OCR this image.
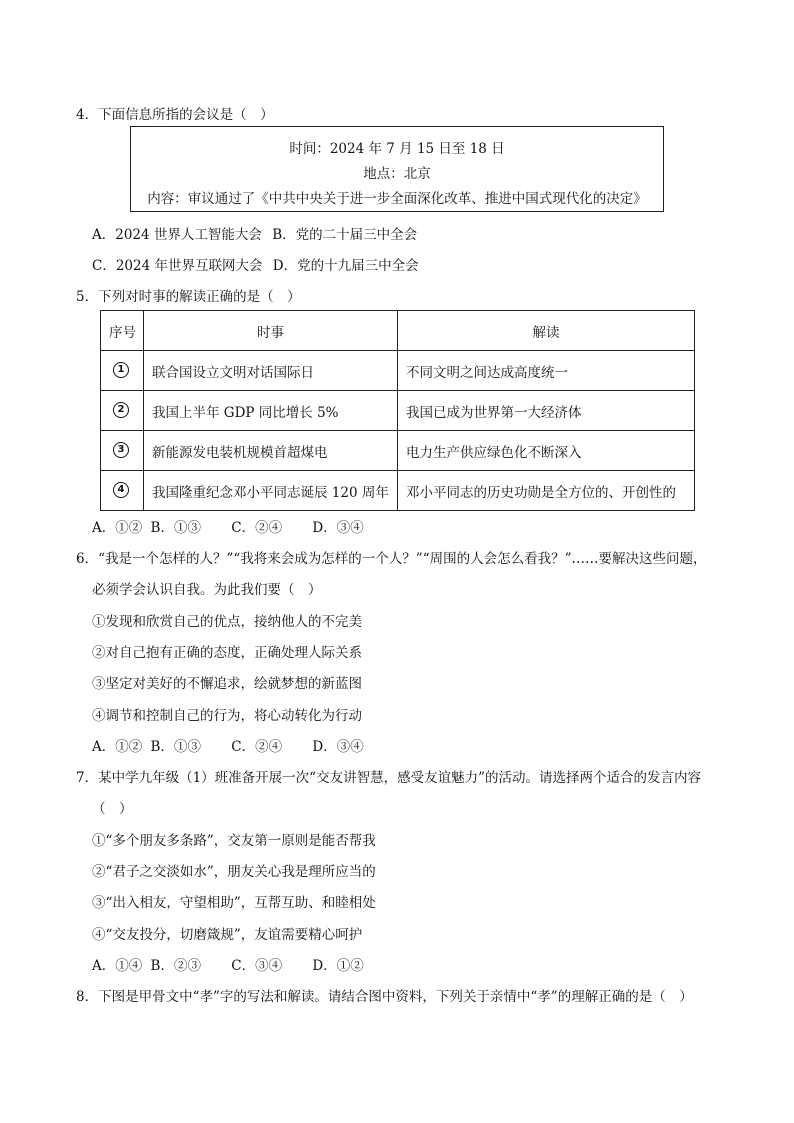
4．下面信息所指的会议是（　）
时间：2024 年 7 月 15 日至 18 日
地点：北京
内容：审议通过了《中共中央关于进一步全面深化改革、推进中国式现代化的决定》
A．2024 世界人工智能大会 B．党的二十届三中全会
C．2024 年世界互联网大会 D．党的十九届三中全会
5．下列对时事的解读正确的是（　）
序号	时事	解读
1	联合国设立文明对话国际日	不同文明之间达成高度统一
2	我国上半年 GDP 同比增长 5%	我国已成为世界第一大经济体
3	新能源发电装机规模首超煤电	电力生产供应绿色化不断深入
4	我国隆重纪念邓小平同志诞辰 120 周年	邓小平同志的历史功勋是全方位的、开创性的
A．①② B．①③ C．②④ D．③④
6．“我是一个怎样的人？”“我将来会成为怎样的一个人？”“周围的人会怎么看我？”……要解决这些问题，
必须学会认识自我。为此我们要（　）
①发现和欣赏自己的优点，接纳他人的不完美
②对自己抱有正确的态度，正确处理人际关系
③坚定对美好的不懈追求，绘就梦想的新蓝图
④调节和控制自己的行为，将心动转化为行动
A．①② B．①③ C．②④ D．③④
7．某中学九年级（1）班准备开展一次“交友讲智慧，感受友谊魅力”的活动。请选择两个适合的发言内容
（　）
①“多个朋友多条路”，交友第一原则是能否帮我
②“君子之交淡如水”，朋友关心我是理所应当的
③“出入相友，守望相助”，互帮互助、和睦相处
④“交友投分，切磨箴规”，友谊需要精心呵护
A．①④ B．②③ C．③④ D．①②
8．下图是甲骨文中“孝”字的写法和解读。请结合图中资料，下列关于亲情中“孝”的理解正确的是（　）
